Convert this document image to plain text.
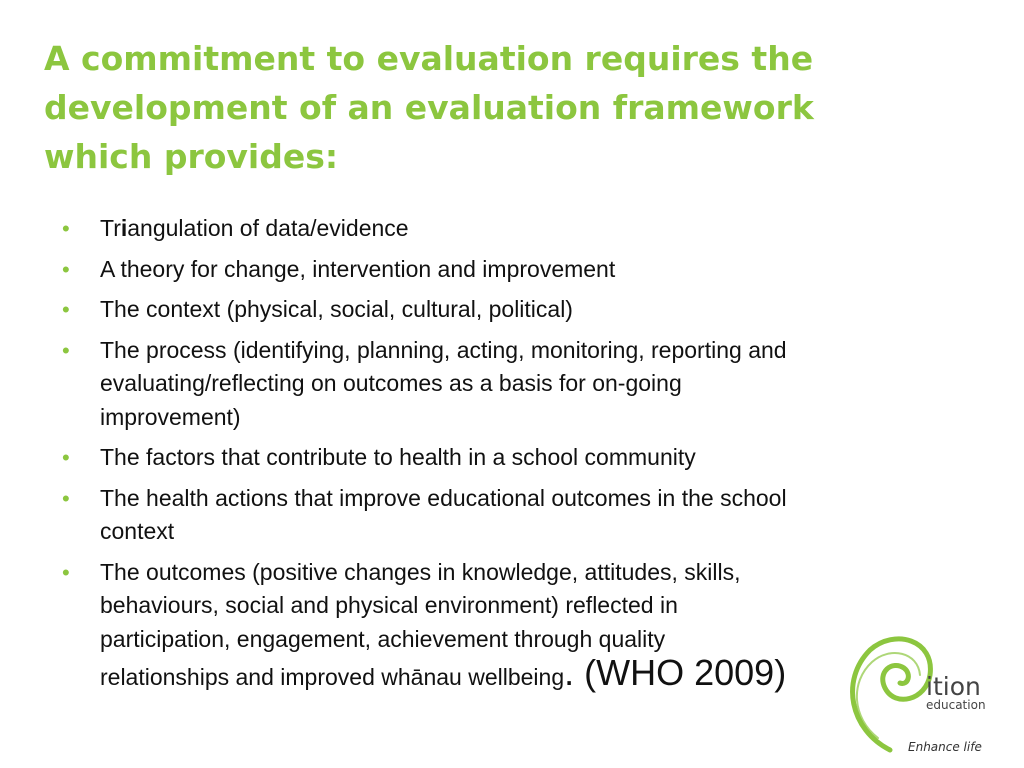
A commitment to evaluation requires the
development of an evaluation framework
which provides:
• Triangulation of data/evidence
• A theory for change, intervention and improvement
• The context (physical, social, cultural, political)
• The process (identifying, planning, acting, monitoring, reporting and
evaluating/reflecting on outcomes as a basis for on-going
improvement)
• The factors that contribute to health in a school community
• The health actions that improve educational outcomes in the school
context
• The outcomes (positive changes in knowledge, attitudes, skills,
behaviours, social and physical environment) reflected in
participation, engagement, achievement through quality
relationships and improved whānau wellbeing. (WHO 2009)	ition
education
Enhance life
